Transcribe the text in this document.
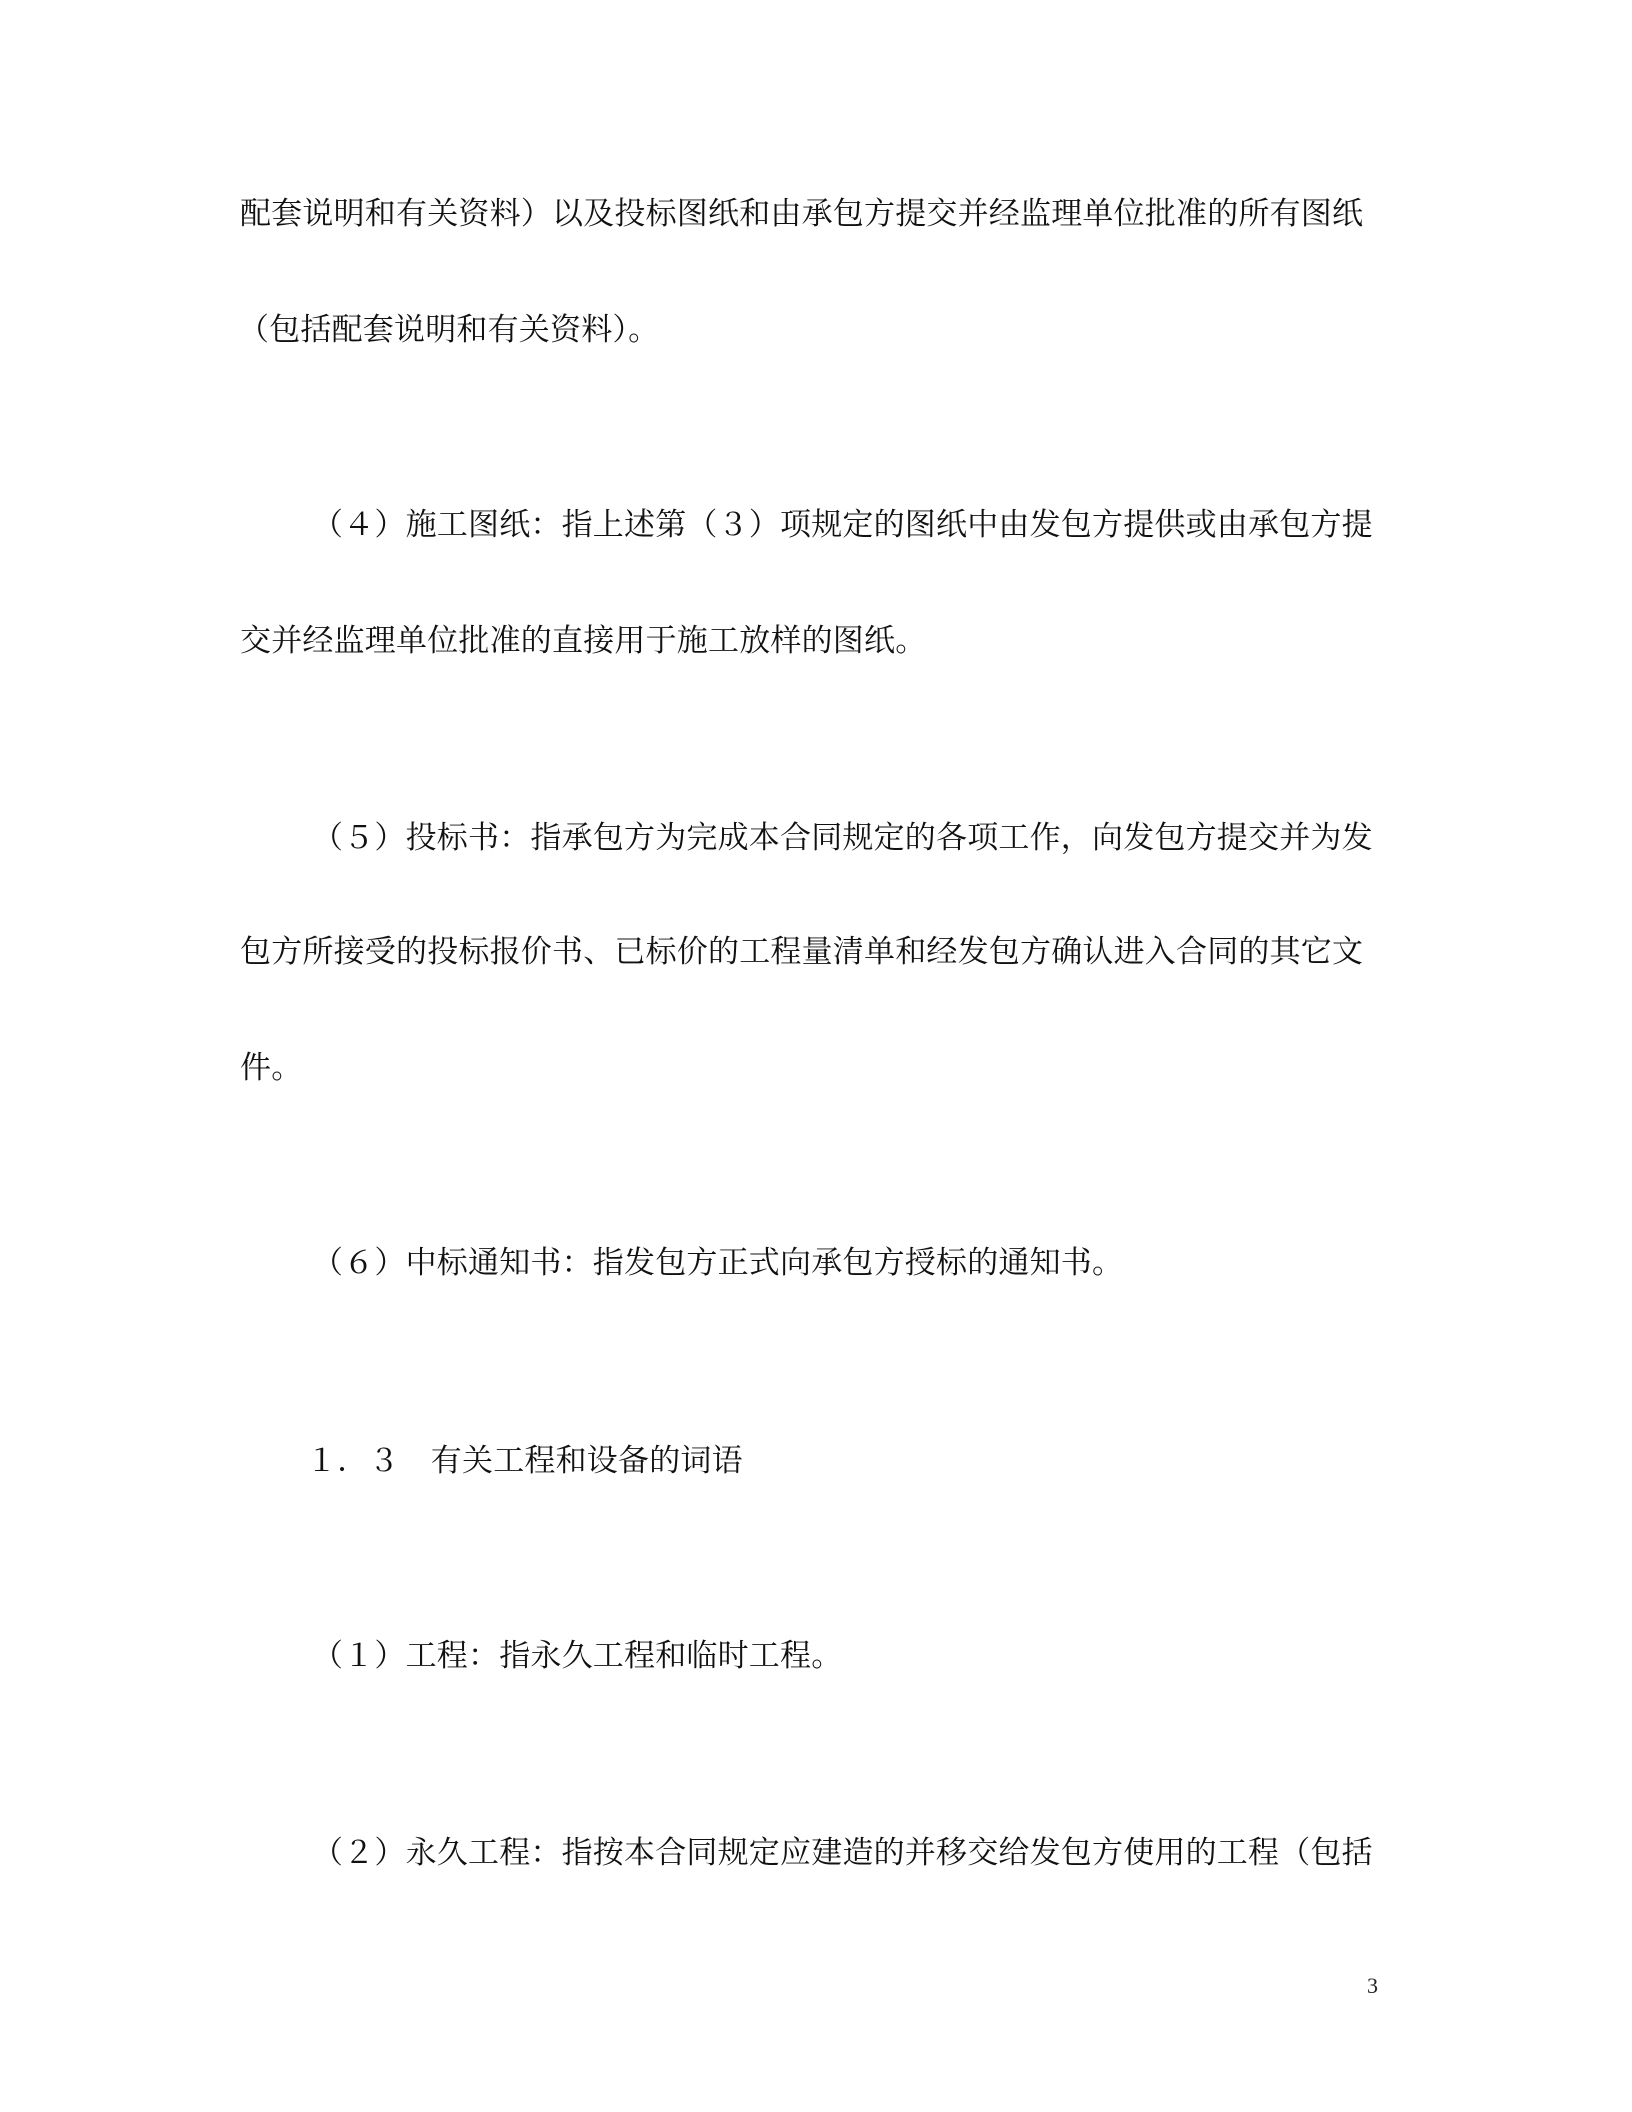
配套说明和有关资料）以及投标图纸和由承包方提交并经监理单位批准的所有图纸
（包括配套说明和有关资料）。
（４）施工图纸：指上述第（３）项规定的图纸中由发包方提供或由承包方提
交并经监理单位批准的直接用于施工放样的图纸。
（５）投标书：指承包方为完成本合同规定的各项工作，向发包方提交并为发
包方所接受的投标报价书、已标价的工程量清单和经发包方确认进入合同的其它文
件。
（６）中标通知书：指发包方正式向承包方授标的通知书。
１．３　有关工程和设备的词语
（１）工程：指永久工程和临时工程。
（２）永久工程：指按本合同规定应建造的并移交给发包方使用的工程（包括
3
